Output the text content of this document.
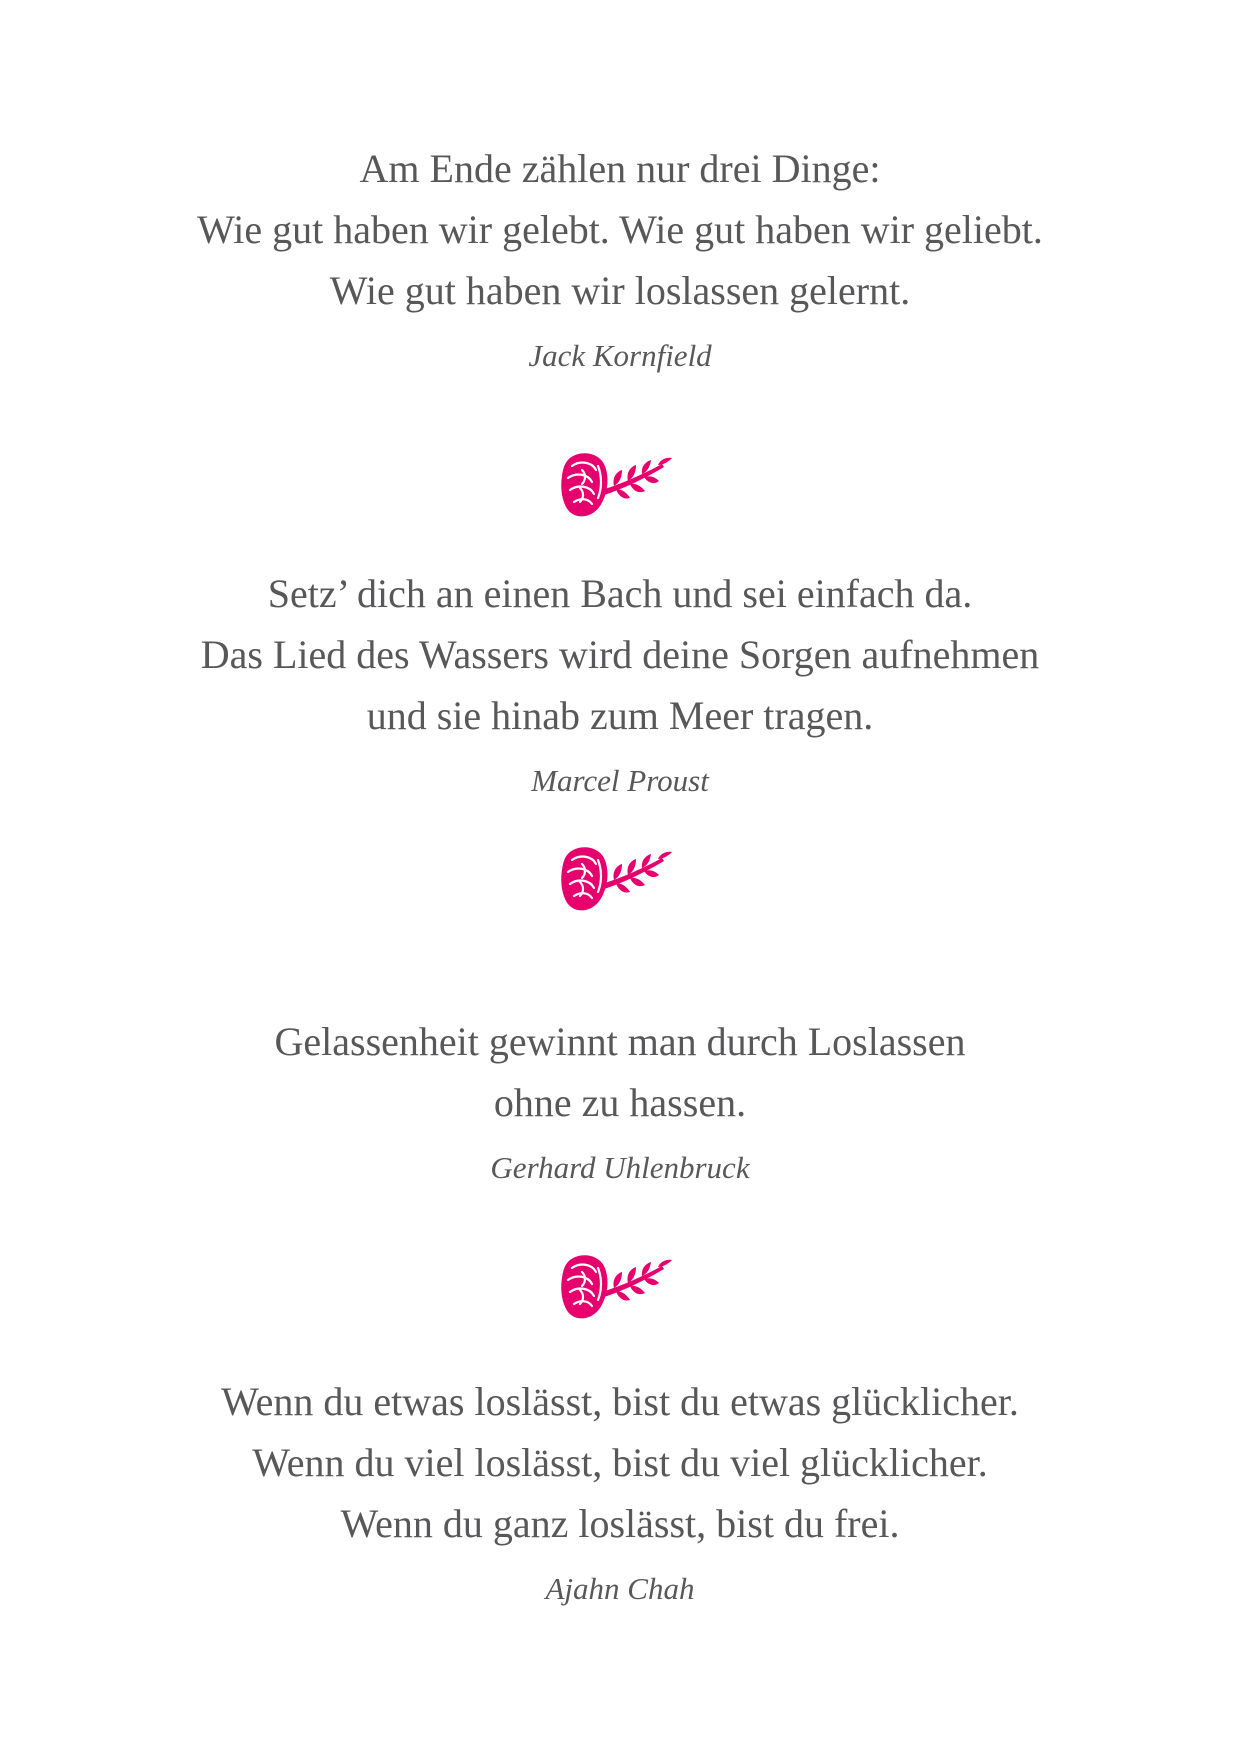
Am Ende zählen nur drei Dinge:
Wie gut haben wir gelebt. Wie gut haben wir geliebt.
Wie gut haben wir loslassen gelernt.
Jack Kornfield
Setz’ dich an einen Bach und sei einfach da.
Das Lied des Wassers wird deine Sorgen aufnehmen
und sie hinab zum Meer tragen.
Marcel Proust
Gelassenheit gewinnt man durch Loslassen
ohne zu hassen.
Gerhard Uhlenbruck
Wenn du etwas loslässt, bist du etwas glücklicher.
Wenn du viel loslässt, bist du viel glücklicher.
Wenn du ganz loslässt, bist du frei.
Ajahn Chah
